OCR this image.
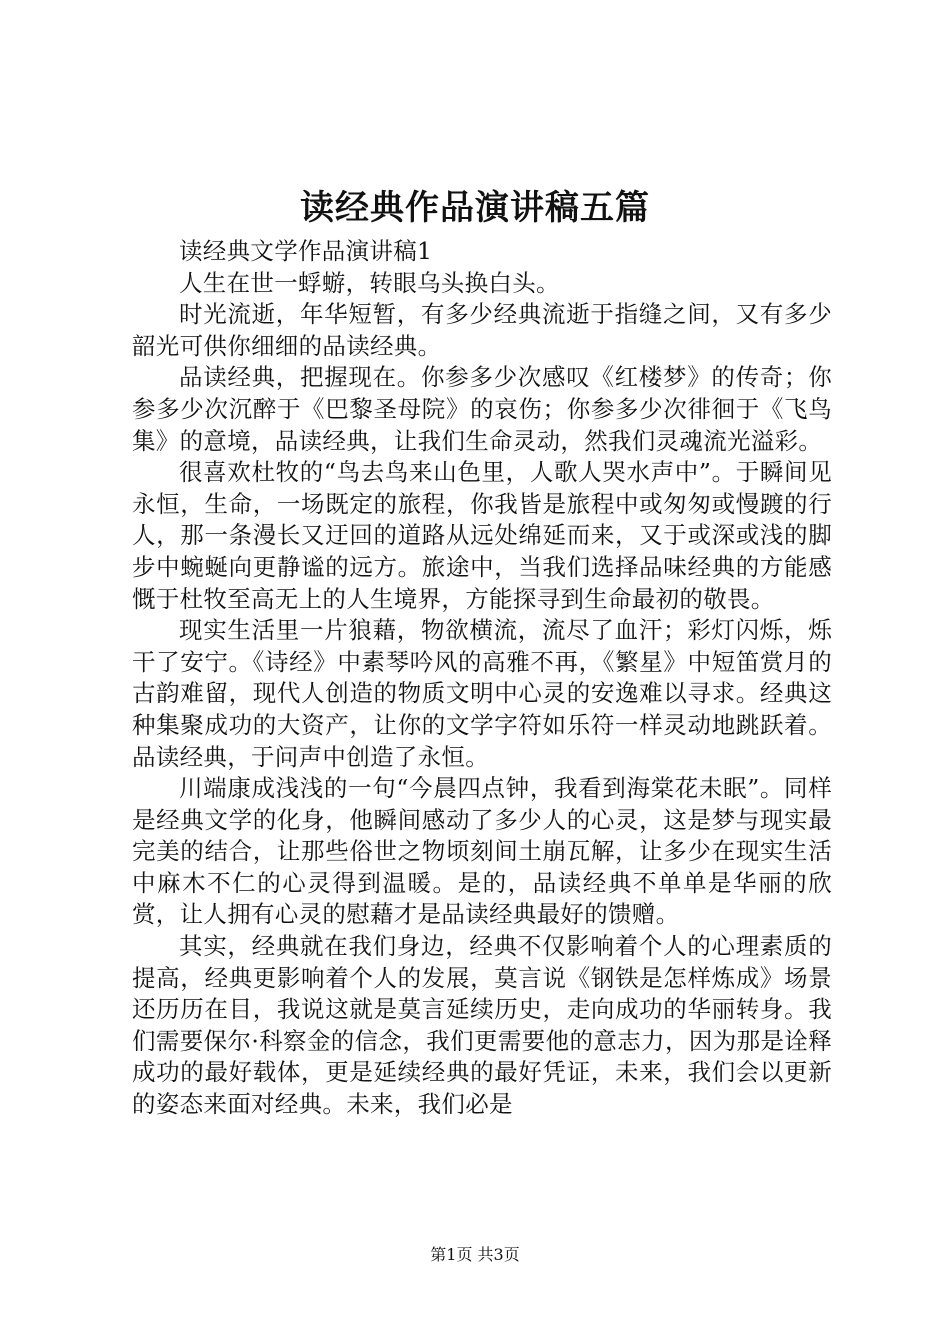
读经典作品演讲稿五篇

读经典文学作品演讲稿1

人生在世一蜉蝣，转眼乌头换白头。

时光流逝，年华短暂，有多少经典流逝于指缝之间，又有多少韶光可供你细细的品读经典。

品读经典，把握现在。你参多少次感叹《红楼梦》的传奇；你参多少次沉醉于《巴黎圣母院》的哀伤；你参多少次徘徊于《飞鸟集》的意境，品读经典，让我们生命灵动，然我们灵魂流光溢彩。

很喜欢杜牧的“鸟去鸟来山色里，人歌人哭水声中”。于瞬间见永恒，生命，一场既定的旅程，你我皆是旅程中或匆匆或慢踱的行人，那一条漫长又迂回的道路从远处绵延而来，又于或深或浅的脚步中蜿蜒向更静谧的远方。旅途中，当我们选择品味经典的方能感慨于杜牧至高无上的人生境界，方能探寻到生命最初的敬畏。

现实生活里一片狼藉，物欲横流，流尽了血汗；彩灯闪烁，烁干了安宁。《诗经》中素琴吟风的高雅不再，《繁星》中短笛赏月的古韵难留，现代人创造的物质文明中心灵的安逸难以寻求。经典这种集聚成功的大资产，让你的文学字符如乐符一样灵动地跳跃着。品读经典，于问声中创造了永恒。

川端康成浅浅的一句“今晨四点钟，我看到海棠花未眠”。同样是经典文学的化身，他瞬间感动了多少人的心灵，这是梦与现实最完美的结合，让那些俗世之物顷刻间土崩瓦解，让多少在现实生活中麻木不仁的心灵得到温暖。是的，品读经典不单单是华丽的欣赏，让人拥有心灵的慰藉才是品读经典最好的馈赠。

其实，经典就在我们身边，经典不仅影响着个人的心理素质的提高，经典更影响着个人的发展，莫言说《钢铁是怎样炼成》场景还历历在目，我说这就是莫言延续历史，走向成功的华丽转身。我们需要保尔·科察金的信念，我们更需要他的意志力，因为那是诠释成功的最好载体，更是延续经典的最好凭证，未来，我们会以更新的姿态来面对经典。未来，我们必是

第1页 共3页
